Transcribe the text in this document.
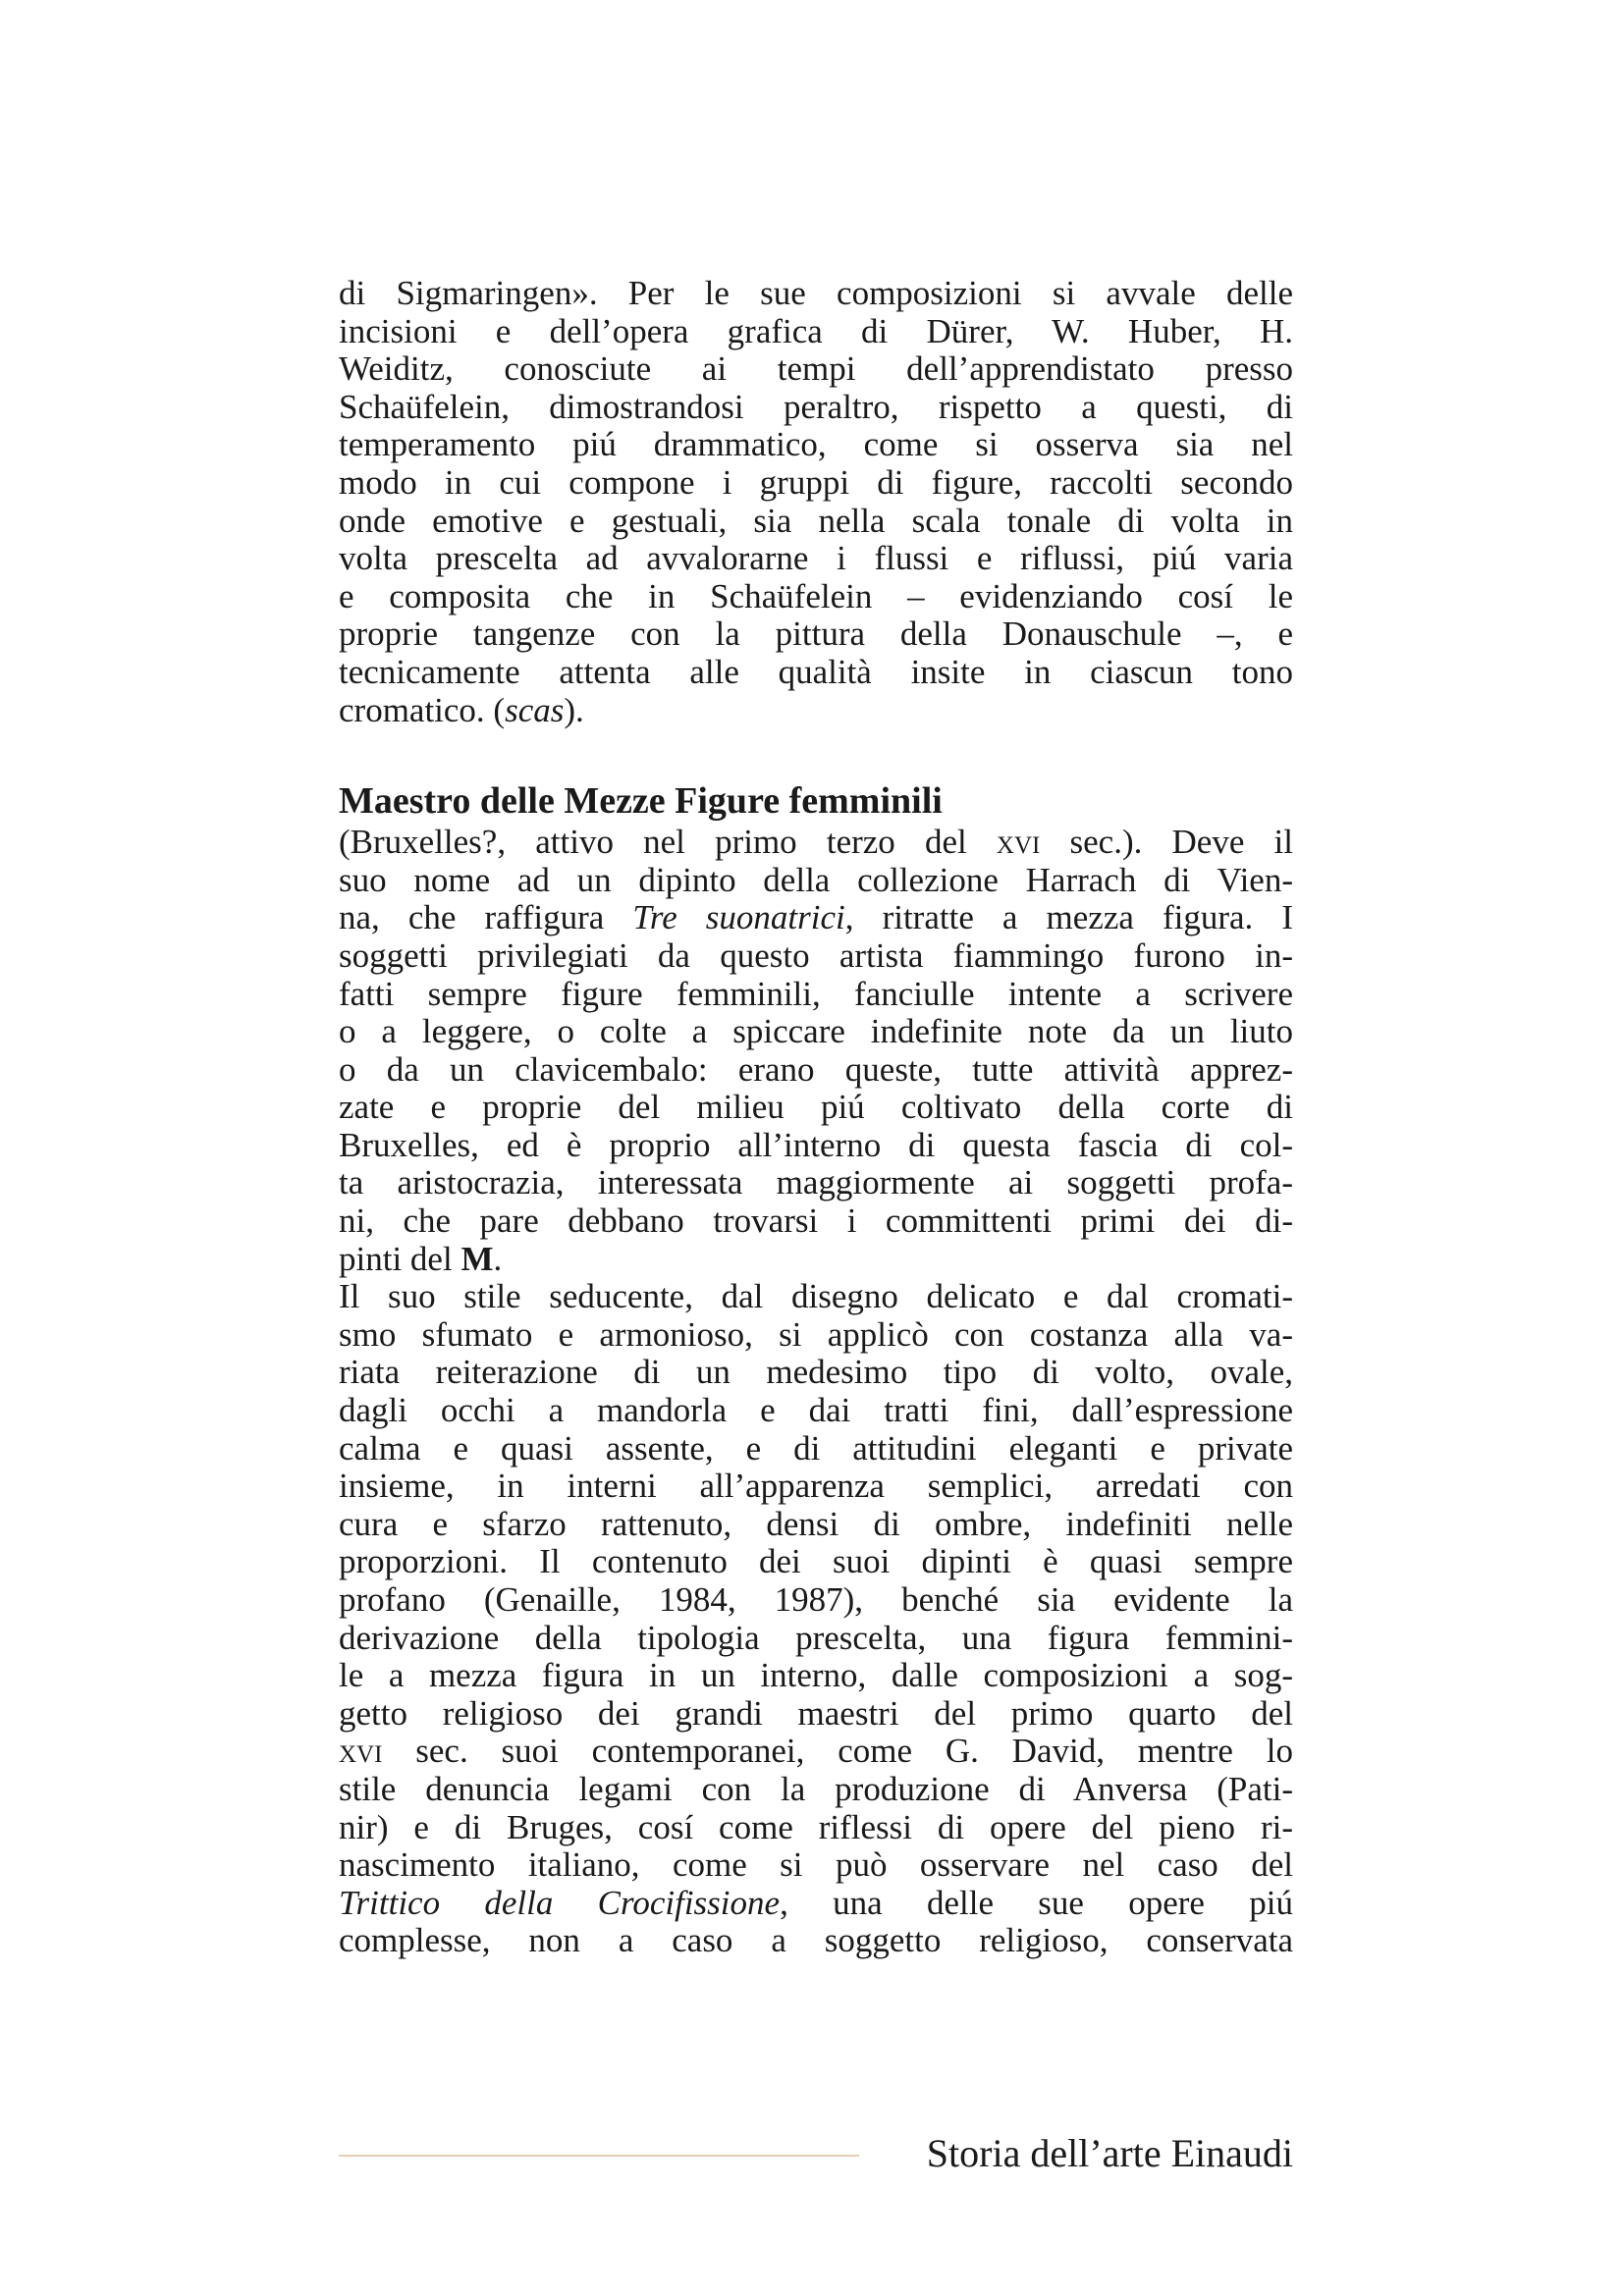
di Sigmaringen». Per le sue composizioni si avvale delle
incisioni e dell’opera grafica di Dürer, W. Huber, H.
Weiditz, conosciute ai tempi dell’apprendistato presso
Schaüfelein, dimostrandosi peraltro, rispetto a questi, di
temperamento piú drammatico, come si osserva sia nel
modo in cui compone i gruppi di figure, raccolti secondo
onde emotive e gestuali, sia nella scala tonale di volta in
volta prescelta ad avvalorarne i flussi e riflussi, piú varia
e composita che in Schaüfelein – evidenziando cosí le
proprie tangenze con la pittura della Donauschule –, e
tecnicamente attenta alle qualità insite in ciascun tono
cromatico. (scas).
Maestro delle Mezze Figure femminili
(Bruxelles?, attivo nel primo terzo del xvi sec.). Deve il
suo nome ad un dipinto della collezione Harrach di Vien-
na, che raffigura Tre suonatrici, ritratte a mezza figura. I
soggetti privilegiati da questo artista fiammingo furono in-
fatti sempre figure femminili, fanciulle intente a scrivere
o a leggere, o colte a spiccare indefinite note da un liuto
o da un clavicembalo: erano queste, tutte attività apprez-
zate e proprie del milieu piú coltivato della corte di
Bruxelles, ed è proprio all’interno di questa fascia di col-
ta aristocrazia, interessata maggiormente ai soggetti profa-
ni, che pare debbano trovarsi i committenti primi dei di-
pinti del M.
Il suo stile seducente, dal disegno delicato e dal cromati-
smo sfumato e armonioso, si applicò con costanza alla va-
riata reiterazione di un medesimo tipo di volto, ovale,
dagli occhi a mandorla e dai tratti fini, dall’espressione
calma e quasi assente, e di attitudini eleganti e private
insieme, in interni all’apparenza semplici, arredati con
cura e sfarzo rattenuto, densi di ombre, indefiniti nelle
proporzioni. Il contenuto dei suoi dipinti è quasi sempre
profano (Genaille, 1984, 1987), benché sia evidente la
derivazione della tipologia prescelta, una figura femmini-
le a mezza figura in un interno, dalle composizioni a sog-
getto religioso dei grandi maestri del primo quarto del
xvi sec. suoi contemporanei, come G. David, mentre lo
stile denuncia legami con la produzione di Anversa (Pati-
nir) e di Bruges, cosí come riflessi di opere del pieno ri-
nascimento italiano, come si può osservare nel caso del
Trittico della Crocifissione, una delle sue opere piú
complesse, non a caso a soggetto religioso, conservata
Storia dell’arte Einaudi
